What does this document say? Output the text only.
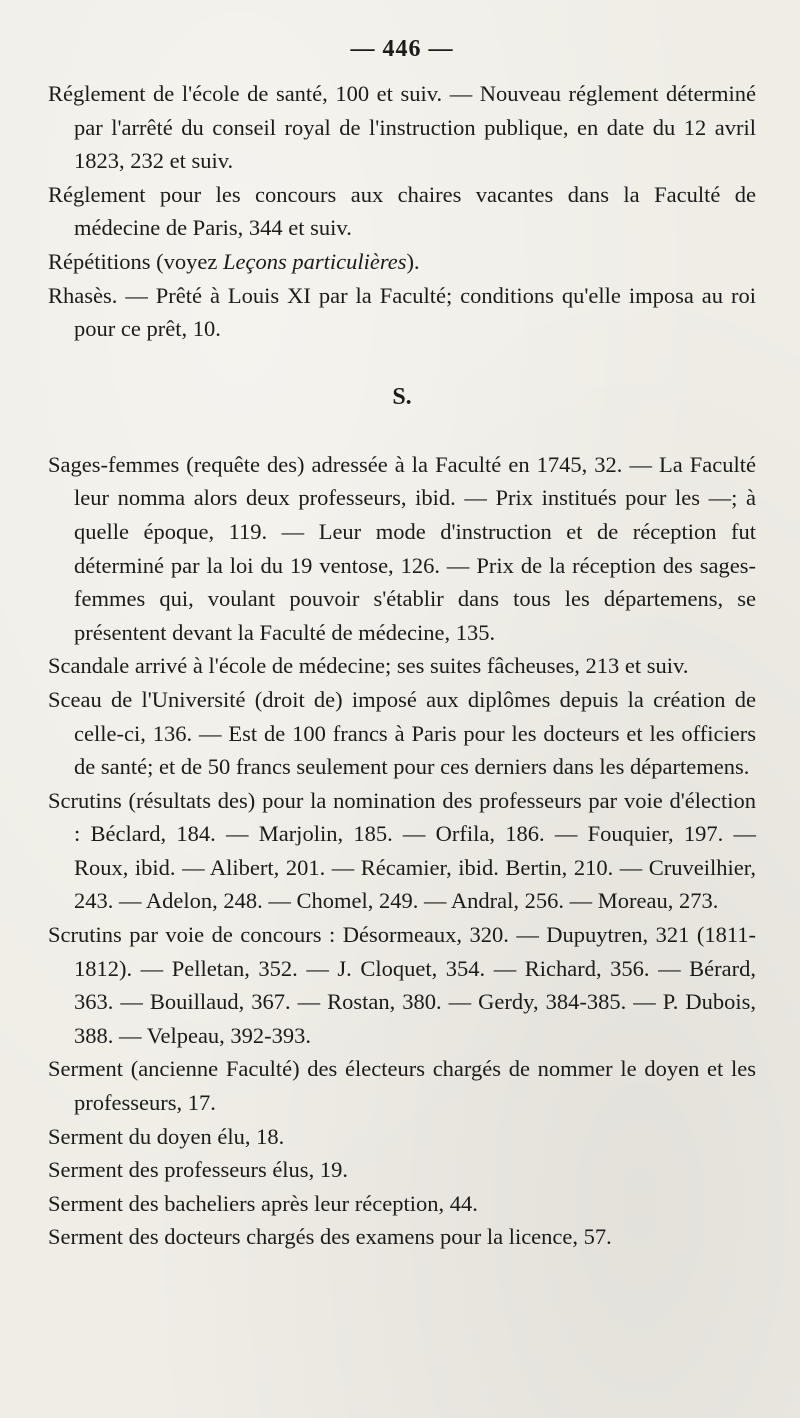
— 446 —

Réglement de l'école de santé, 100 et suiv. — Nouveau réglement déterminé par l'arrêté du conseil royal de l'instruction publique, en date du 12 avril 1823, 232 et suiv.

Réglement pour les concours aux chaires vacantes dans la Faculté de médecine de Paris, 344 et suiv.

Répétitions (voyez Leçons particulières).

Rhasès. — Prêté à Louis XI par la Faculté; conditions qu'elle imposa au roi pour ce prêt, 10.

S.

Sages-femmes (requête des) adressée à la Faculté en 1745, 32. — La Faculté leur nomma alors deux professeurs, ibid. — Prix institués pour les —; à quelle époque, 119. — Leur mode d'instruction et de réception fut déterminé par la loi du 19 ventose, 126. — Prix de la réception des sages-femmes qui, voulant pouvoir s'établir dans tous les départemens, se présentent devant la Faculté de médecine, 135.

Scandale arrivé à l'école de médecine; ses suites fâcheuses, 213 et suiv.

Sceau de l'Université (droit de) imposé aux diplômes depuis la création de celle-ci, 136. — Est de 100 francs à Paris pour les docteurs et les officiers de santé; et de 50 francs seulement pour ces derniers dans les départemens.

Scrutins (résultats des) pour la nomination des professeurs par voie d'élection : Béclard, 184. — Marjolin, 185. — Orfila, 186. — Fouquier, 197. — Roux, ibid. — Alibert, 201. — Récamier, ibid. Bertin, 210. — Cruveilhier, 243. — Adelon, 248. — Chomel, 249. — Andral, 256. — Moreau, 273.

Scrutins par voie de concours : Désormeaux, 320. — Dupuytren, 321 (1811-1812). — Pelletan, 352. — J. Cloquet, 354. — Richard, 356. — Bérard, 363. — Bouillaud, 367. — Rostan, 380. — Gerdy, 384-385. — P. Dubois, 388. — Velpeau, 392-393.

Serment (ancienne Faculté) des électeurs chargés de nommer le doyen et les professeurs, 17.

Serment du doyen élu, 18.

Serment des professeurs élus, 19.

Serment des bacheliers après leur réception, 44.

Serment des docteurs chargés des examens pour la licence, 57.
